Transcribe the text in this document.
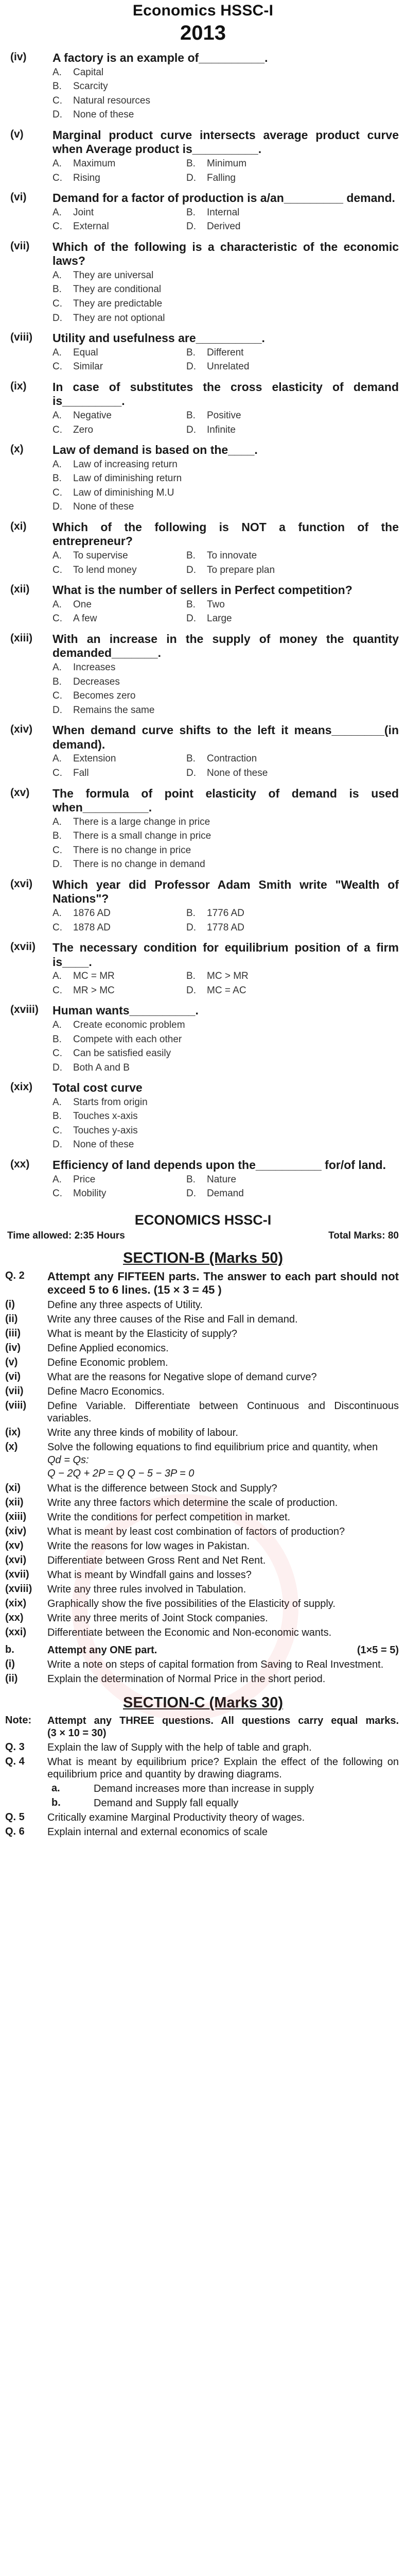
Economics HSSC-I
2013
(iv)	A factory is an example of__________.
A.	Capital
B.	Scarcity
C.	Natural resources
D.	None of these
(v)	Marginal product curve intersects average product curve when Average product is__________.
A.	Maximum	B.	Minimum
C.	Rising	D.	Falling
(vi)	Demand for a factor of production is a/an_________ demand.
A.	Joint	B.	Internal
C.	External	D.	Derived
(vii)	Which of the following is a characteristic of the economic laws?
A.	They are universal
B.	They are conditional
C.	They are predictable
D.	They are not optional
(viii)	Utility and usefulness are__________.
A.	Equal	B.	Different
C.	Similar	D.	Unrelated
(ix)	In case of substitutes the cross elasticity of demand is_________.
A.	Negative	B.	Positive
C.	Zero	D.	Infinite
(x)	Law of demand is based on the____.
A.	Law of increasing return
B.	Law of diminishing return
C.	Law of diminishing M.U
D.	None of these
(xi)	Which of the following is NOT a function of the entrepreneur?
A.	To supervise	B.	To innovate
C.	To lend money	D.	To prepare plan
(xii)	What is the number of sellers in Perfect competition?
A.	One	B.	Two
C.	A few	D.	Large
(xiii)	With an increase in the supply of money the quantity demanded_______.
A.	Increases
B.	Decreases
C.	Becomes zero
D.	Remains the same
(xiv)	When demand curve shifts to the left it means________(in demand).
A.	Extension	B.	Contraction
C.	Fall	D.	None of these
(xv)	The formula of point elasticity of demand is used when__________.
A.	There is a large change in price
B.	There is a small change in price
C.	There is no change in price
D.	There is no change in demand
(xvi)	Which year did Professor Adam Smith write "Wealth of Nations"?
A.	1876 AD	B.	1776 AD
C.	1878 AD	D.	1778 AD
(xvii)	The necessary condition for equilibrium position of a firm is____.
A.	MC = MR	B.	MC > MR
C.	MR > MC	D.	MC = AC
(xviii)	Human wants__________.
A.	Create economic problem
B.	Compete with each other
C.	Can be satisfied easily
D.	Both A and B
(xix)	Total cost curve
A.	Starts from origin
B.	Touches x-axis
C.	Touches y-axis
D.	None of these
(xx)	Efficiency of land depends upon the__________ for/of land.
A.	Price	B.	Nature
C.	Mobility	D.	Demand
ECONOMICS HSSC-I
Time allowed: 2:35 Hours	Total Marks: 80
SECTION-B (Marks 50)
Q. 2	Attempt any FIFTEEN parts. The answer to each part should not exceed 5 to 6 lines. (15 × 3 = 45 )
(i)	Define any three aspects of Utility.
(ii)	Write any three causes of the Rise and Fall in demand.
(iii)	What is meant by the Elasticity of supply?
(iv)	Define Applied economics.
(v)	Define Economic problem.
(vi)	What are the reasons for Negative slope of demand curve?
(vii)	Define Macro Economics.
(viii)	Define Variable. Differentiate between Continuous and Discontinuous variables.
(ix)	Write any three kinds of mobility of labour.
(x)	Solve the following equations to find equilibrium price and quantity, when
Qd = Qs:
Q − 2Q + 2P = Q Q − 5 − 3P = 0
(xi)	What is the difference between Stock and Supply?
(xii)	Write any three factors which determine the scale of production.
(xiii)	Write the conditions for perfect competition in market.
(xiv)	What is meant by least cost combination of factors of production?
(xv)	Write the reasons for low wages in Pakistan.
(xvi)	Differentiate between Gross Rent and Net Rent.
(xvii)	What is meant by Windfall gains and losses?
(xviii)	Write any three rules involved in Tabulation.
(xix)	Graphically show the five possibilities of the Elasticity of supply.
(xx)	Write any three merits of Joint Stock companies.
(xxi)	Differentiate between the Economic and Non-economic wants.
b.	Attempt any ONE part.	(1×5 = 5)
(i)	Write a note on steps of capital formation from Saving to Real Investment.
(ii)	Explain the determination of Normal Price in the short period.
SECTION-C (Marks 30)
Note:	Attempt any THREE questions. All questions carry equal marks. (3 × 10 = 30)
Q. 3	Explain the law of Supply with the help of table and graph.
Q. 4	What is meant by equilibrium price? Explain the effect of the following on equilibrium price and quantity by drawing diagrams.
a.	Demand increases more than increase in supply
b.	Demand and Supply fall equally
Q. 5	Critically examine Marginal Productivity theory of wages.
Q. 6	Explain internal and external economics of scale
